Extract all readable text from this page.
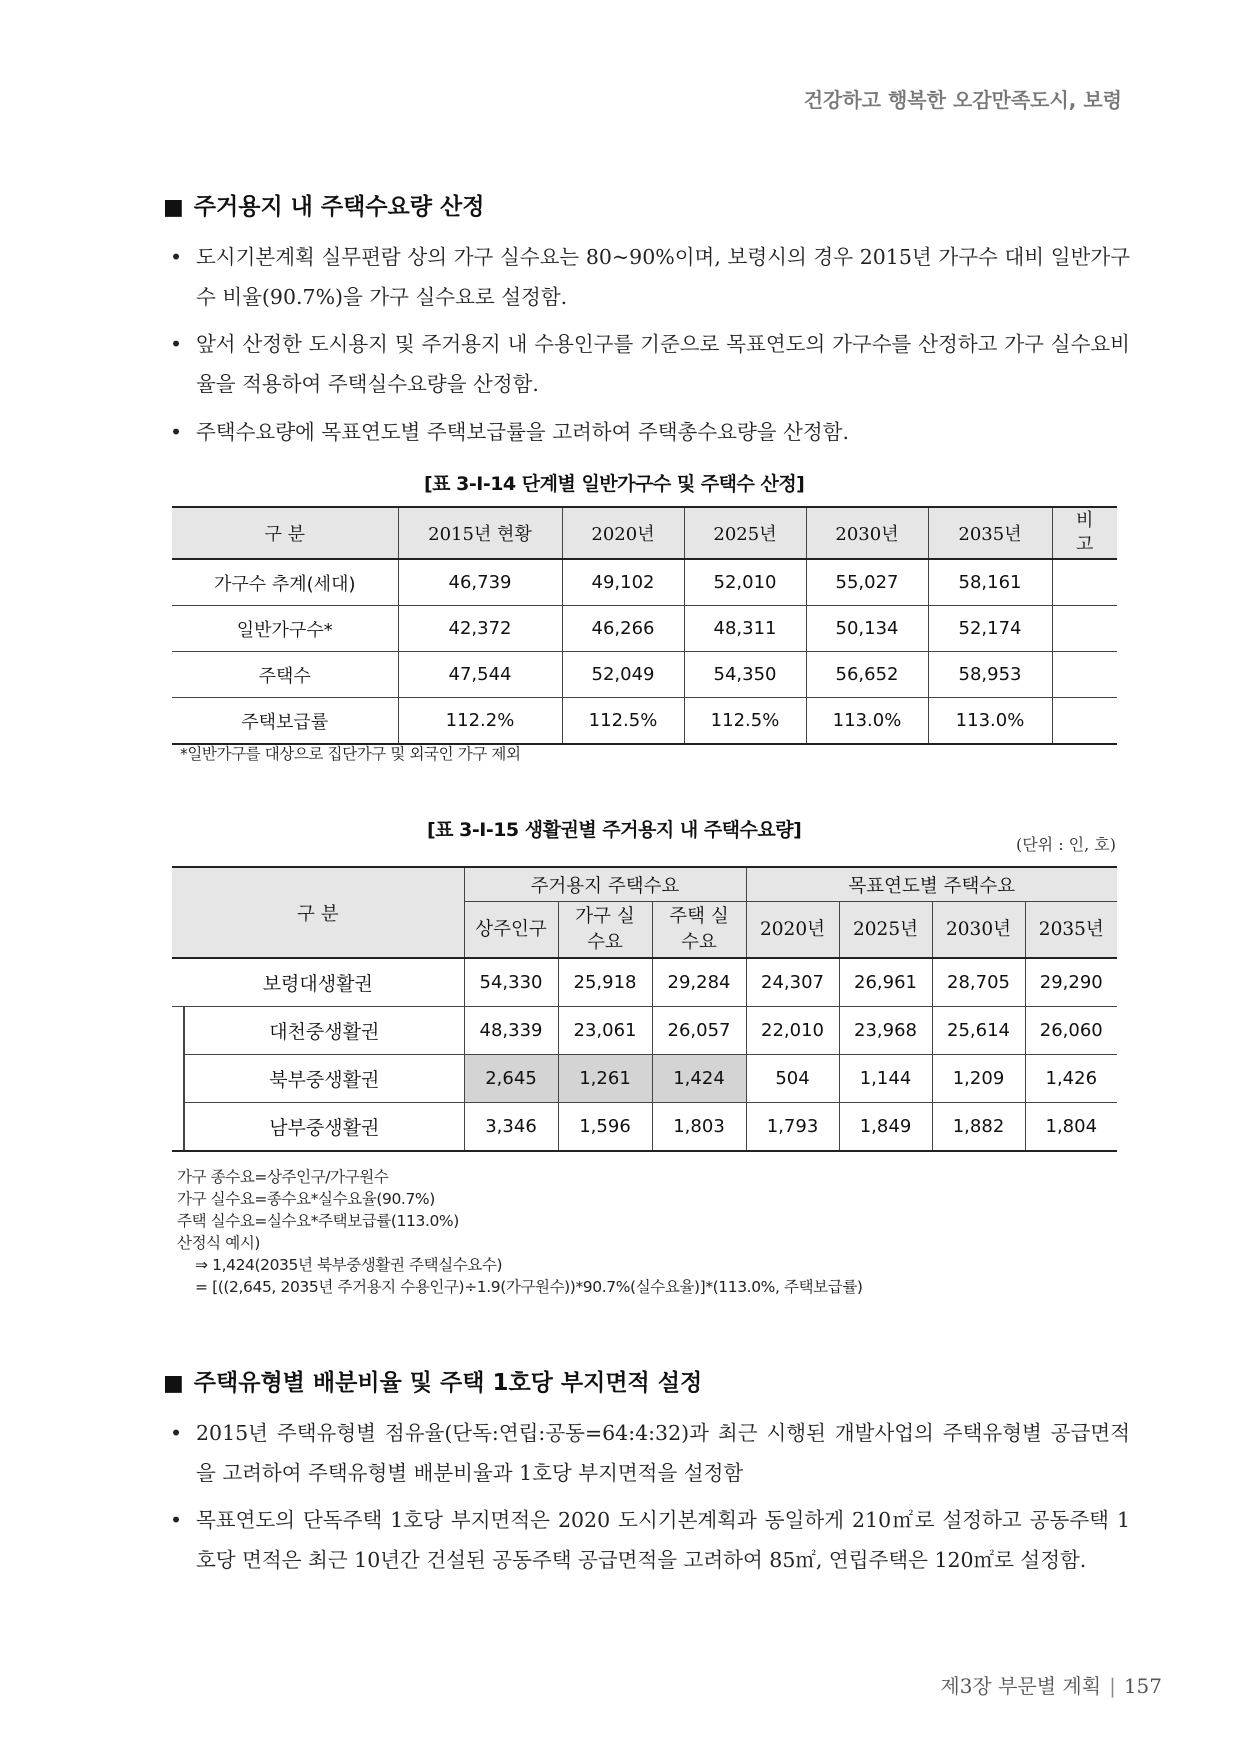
건강하고 행복한 오감만족도시, 보령
■ 주거용지 내 주택수요량 산정
• 도시기본계획 실무편람 상의 가구 실수요는 80~90%이며, 보령시의 경우 2015년 가구수 대비 일반가구수 비율(90.7%)을 가구 실수요로 설정함.
• 앞서 산정한 도시용지 및 주거용지 내 수용인구를 기준으로 목표연도의 가구수를 산정하고 가구 실수요비율을 적용하여 주택실수요량을 산정함.
• 주택수요량에 목표연도별 주택보급률을 고려하여 주택총수요량을 산정함.
[표 3-Ⅰ-14 단계별 일반가구수 및 주택수 산정]
구 분	2015년 현황	2020년	2025년	2030년	2035년	비고
가구수 추계(세대)	46,739	49,102	52,010	55,027	58,161	
일반가구수*	42,372	46,266	48,311	50,134	52,174	
주택수	47,544	52,049	54,350	56,652	58,953	
주택보급률	112.2%	112.5%	112.5%	113.0%	113.0%	
*일반가구를 대상으로 집단가구 및 외국인 가구 제외
[표 3-Ⅰ-15 생활권별 주거용지 내 주택수요량]
(단위 : 인, 호)
구 분		주거용지 주택수요			목표연도별 주택수요			
		상주인구	가구 실수요	주택 실수요	2020년	2025년	2030년	2035년
보령대생활권		54,330	25,918	29,284	24,307	26,961	28,705	29,290
	대천중생활권	48,339	23,061	26,057	22,010	23,968	25,614	26,060
	북부중생활권	2,645	1,261	1,424	504	1,144	1,209	1,426
	남부중생활권	3,346	1,596	1,803	1,793	1,849	1,882	1,804
가구 종수요=상주인구/가구원수
가구 실수요=종수요*실수요율(90.7%)
주택 실수요=실수요*주택보급률(113.0%)
산정식 예시)
⇒ 1,424(2035년 북부중생활권 주택실수요수)
= [((2,645, 2035년 주거용지 수용인구)÷1.9(가구원수))*90.7%(실수요율)]*(113.0%, 주택보급률)
■ 주택유형별 배분비율 및 주택 1호당 부지면적 설정
• 2015년 주택유형별 점유율(단독:연립:공동=64:4:32)과 최근 시행된 개발사업의 주택유형별 공급면적을 고려하여 주택유형별 배분비율과 1호당 부지면적을 설정함
• 목표연도의 단독주택 1호당 부지면적은 2020 도시기본계획과 동일하게 210㎡로 설정하고 공동주택 1호당 면적은 최근 10년간 건설된 공동주택 공급면적을 고려하여 85㎡, 연립주택은 120㎡로 설정함.
제3장 부문별 계획 | 157
